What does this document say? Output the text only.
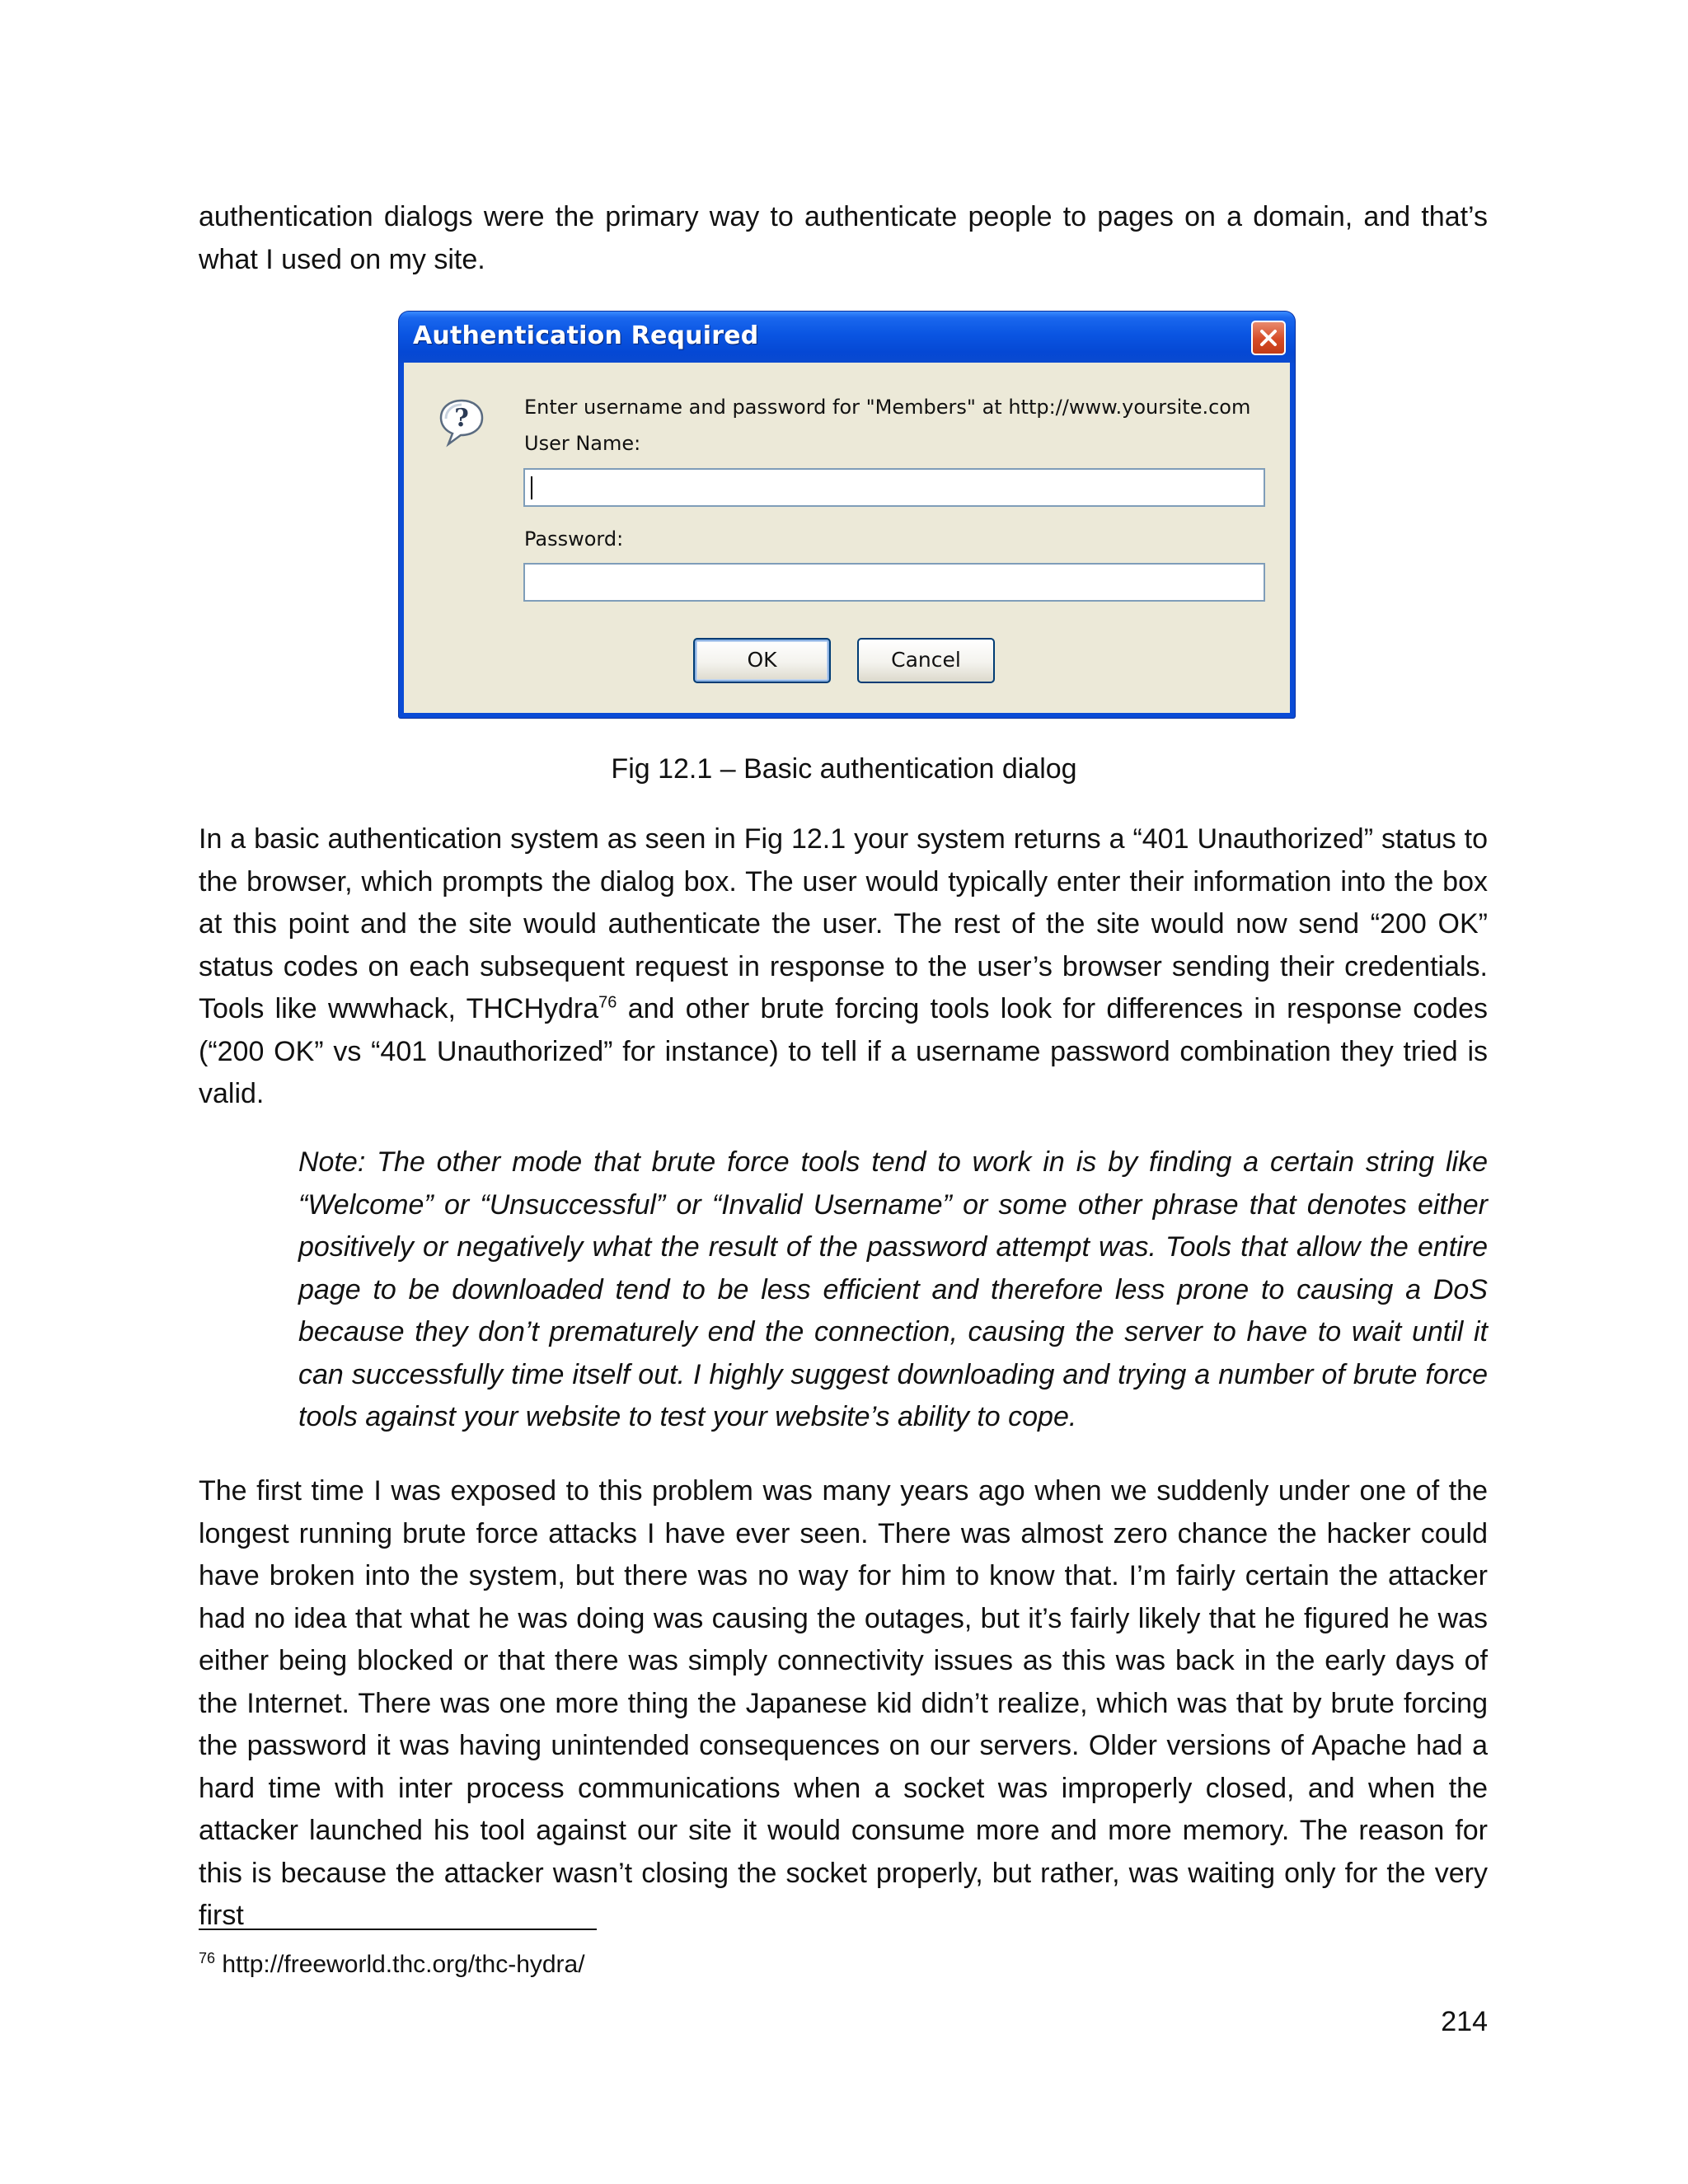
authentication dialogs were the primary way to authenticate people to pages on a domain, and that’s what I used on my site.

Authentication Required
?	Enter username and password for "Members" at http://www.yoursite.com
User Name:
Password:
OK	Cancel
Fig 12.1 – Basic authentication dialog

In a basic authentication system as seen in Fig 12.1 your system returns a “401 Unauthorized” status to the browser, which prompts the dialog box. The user would typically enter their information into the box at this point and the site would authenticate the user. The rest of the site would now send “200 OK” status codes on each subsequent request in response to the user’s browser sending their credentials. Tools like wwwhack, THCHydra$^{76}$ and other brute forcing tools look for differences in response codes (“200 OK” vs “401 Unauthorized” for instance) to tell if a username password combination they tried is valid.

Note: The other mode that brute force tools tend to work in is by finding a certain string like “Welcome” or “Unsuccessful” or “Invalid Username” or some other phrase that denotes either positively or negatively what the result of the password attempt was. Tools that allow the entire page to be downloaded tend to be less efficient and therefore less prone to causing a DoS because they don’t prematurely end the connection, causing the server to have to wait until it can successfully time itself out. I highly suggest downloading and trying a number of brute force tools against your website to test your website’s ability to cope.

The first time I was exposed to this problem was many years ago when we suddenly under one of the longest running brute force attacks I have ever seen. There was almost zero chance the hacker could have broken into the system, but there was no way for him to know that. I’m fairly certain the attacker had no idea that what he was doing was causing the outages, but it’s fairly likely that he figured he was either being blocked or that there was simply connectivity issues as this was back in the early days of the Internet. There was one more thing the Japanese kid didn’t realize, which was that by brute forcing the password it was having unintended consequences on our servers. Older versions of Apache had a hard time with inter process communications when a socket was improperly closed, and when the attacker launched his tool against our site it would consume more and more memory. The reason for this is because the attacker wasn’t closing the socket properly, but rather, was waiting only for the very first

$^{76}$ http://freeworld.thc.org/thc-hydra/
214
